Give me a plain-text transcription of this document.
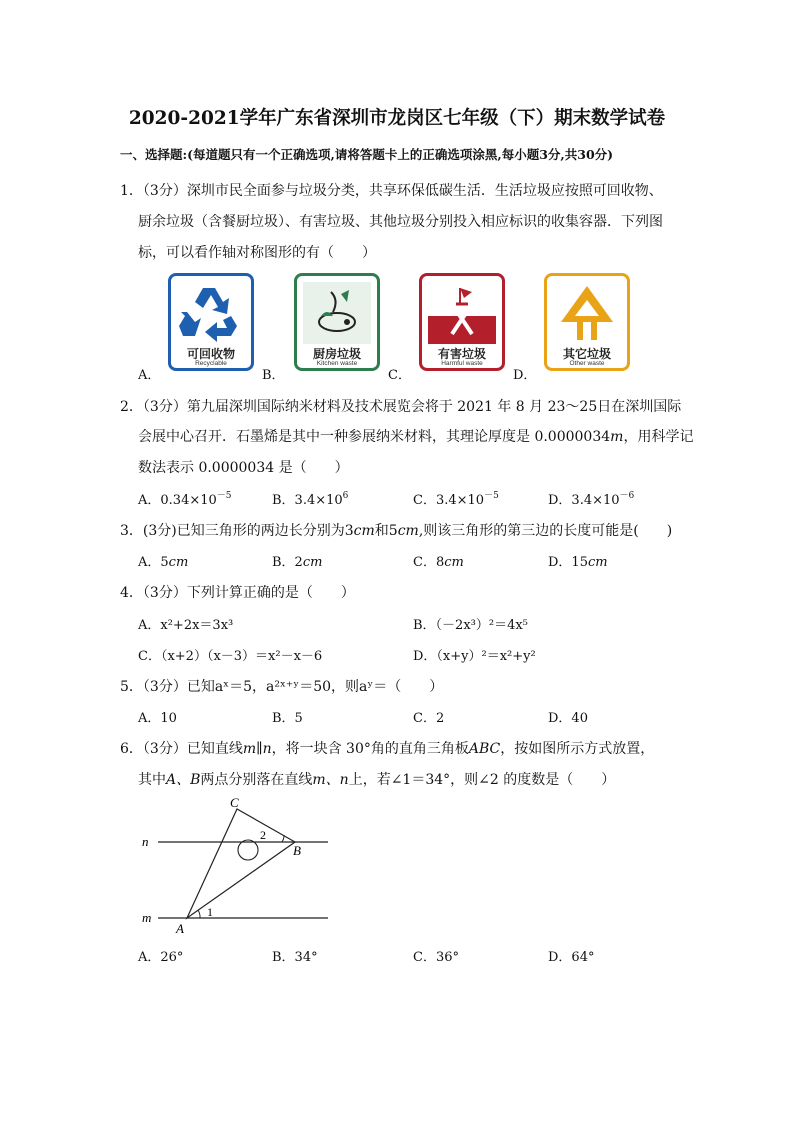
2020-2021学年广东省深圳市龙岗区七年级（下）期末数学试卷
一、选择题:(每道题只有一个正确选项,请将答题卡上的正确选项涂黑,每小题3分,共30分)
1．（3分）深圳市民全面参与垃圾分类，共享环保低碳生活．生活垃圾应按照可回收物、
厨余垃圾（含餐厨垃圾）、有害垃圾、其他垃圾分别投入相应标识的收集容器．下列图
标，可以看作轴对称图形的有（　　）
可回收物
Recyclable
厨房垃圾
Kitchen waste
有害垃圾
Harmful waste
其它垃圾
Other waste
A．	B．	C．	D．
2．（3分）第九届深圳国际纳米材料及技术展览会将于 2021 年 8 月 23～25日在深圳国际
会展中心召开．石墨烯是其中一种参展纳米材料，其理论厚度是 0.0000034m，用科学记
数法表示 0.0000034 是（　　）
A．$0.34\times 10^{-5}$	B．$3.4\times 10^6$	C．$3.4\times 10^{-5}$	D．$3.4\times 10^{-6}$
3．(3分)已知三角形的两边长分别为3cm和5cm,则该三角形的第三边的长度可能是(　　)
A．5cm	B．2cm	C．8cm	D．15cm
4．（3分）下列计算正确的是（　　）
A．x²+2x＝3x³	B．（－2x³）²＝4x⁵
C．（x+2）（x－3）＝x²－x－6	D．（x+y）²＝x²+y²
5．（3分）已知aˣ＝5，a²ˣ⁺ʸ＝50，则aʸ＝（　　）
A．10	B．5	C．2	D．40
6．（3分）已知直线m∥n，将一块含 30°角的直角三角板ABC，按如图所示方式放置，
其中A、B两点分别落在直线m、n上，若∠1＝34°，则∠2 的度数是（　　）
n
m
A
B
C
1
2
A．26°	B．34°	C．36°	D．64°
